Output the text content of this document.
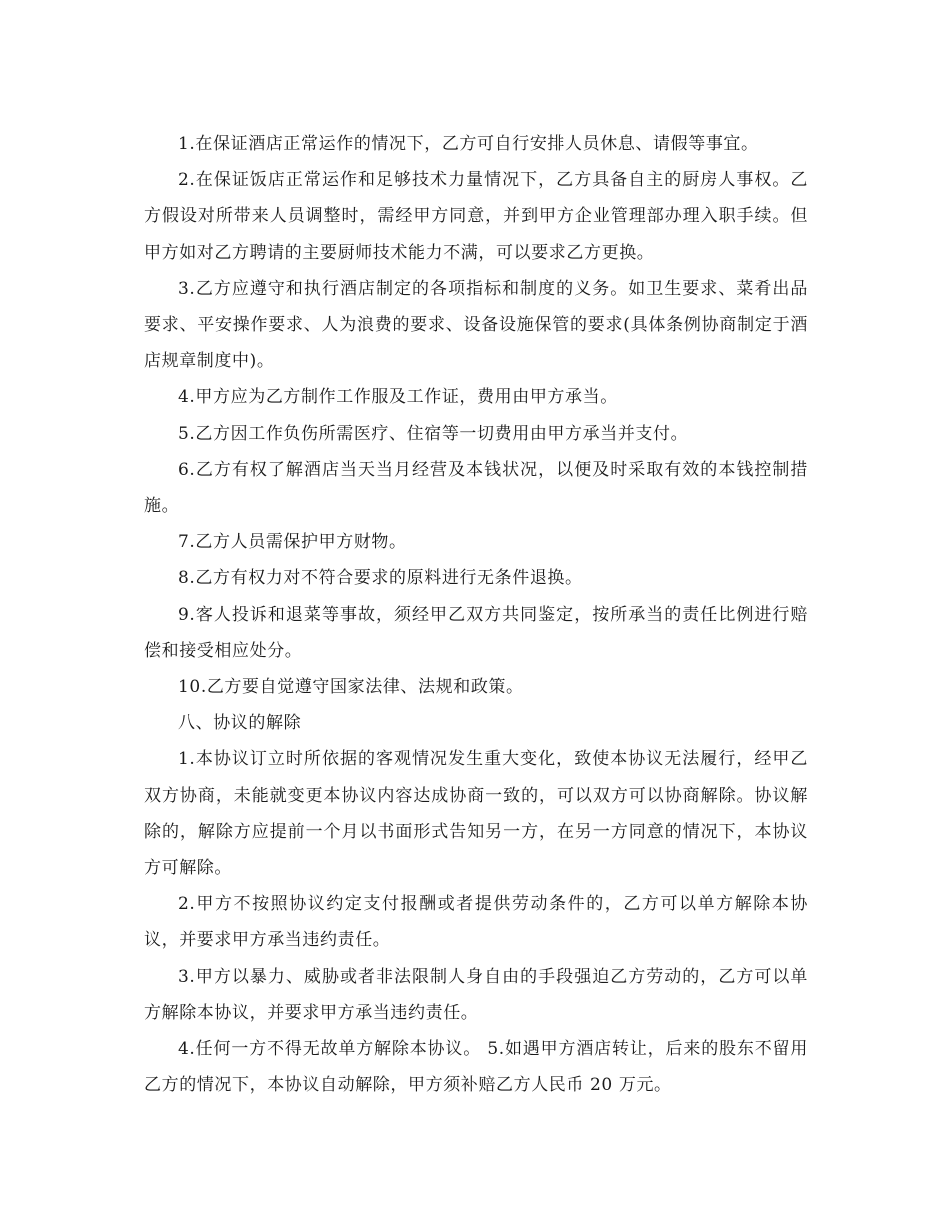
1.在保证酒店正常运作的情况下，乙方可自行安排人员休息、请假等事宜。

2.在保证饭店正常运作和足够技术力量情况下，乙方具备自主的厨房人事权。乙方假设对所带来人员调整时，需经甲方同意，并到甲方企业管理部办理入职手续。但甲方如对乙方聘请的主要厨师技术能力不满，可以要求乙方更换。

3.乙方应遵守和执行酒店制定的各项指标和制度的义务。如卫生要求、菜肴出品要求、平安操作要求、人为浪费的要求、设备设施保管的要求(具体条例协商制定于酒店规章制度中)。

4.甲方应为乙方制作工作服及工作证，费用由甲方承当。

5.乙方因工作负伤所需医疗、住宿等一切费用由甲方承当并支付。

6.乙方有权了解酒店当天当月经营及本钱状况，以便及时采取有效的本钱控制措施。

7.乙方人员需保护甲方财物。

8.乙方有权力对不符合要求的原料进行无条件退换。

9.客人投诉和退菜等事故，须经甲乙双方共同鉴定，按所承当的责任比例进行赔偿和接受相应处分。

10.乙方要自觉遵守国家法律、法规和政策。

八、协议的解除

1.本协议订立时所依据的客观情况发生重大变化，致使本协议无法履行，经甲乙 双方协商，未能就变更本协议内容达成协商一致的，可以双方可以协商解除。协议解除的，解除方应提前一个月以书面形式告知另一方，在另一方同意的情况下，本协议方可解除。

2.甲方不按照协议约定支付报酬或者提供劳动条件的，乙方可以单方解除本协议，并要求甲方承当违约责任。

3.甲方以暴力、威胁或者非法限制人身自由的手段强迫乙方劳动的，乙方可以单方解除本协议，并要求甲方承当违约责任。

4.任何一方不得无故单方解除本协议。 5.如遇甲方酒店转让，后来的股东不留用乙方的情况下，本协议自动解除，甲方须补赔乙方人民币 20 万元。
